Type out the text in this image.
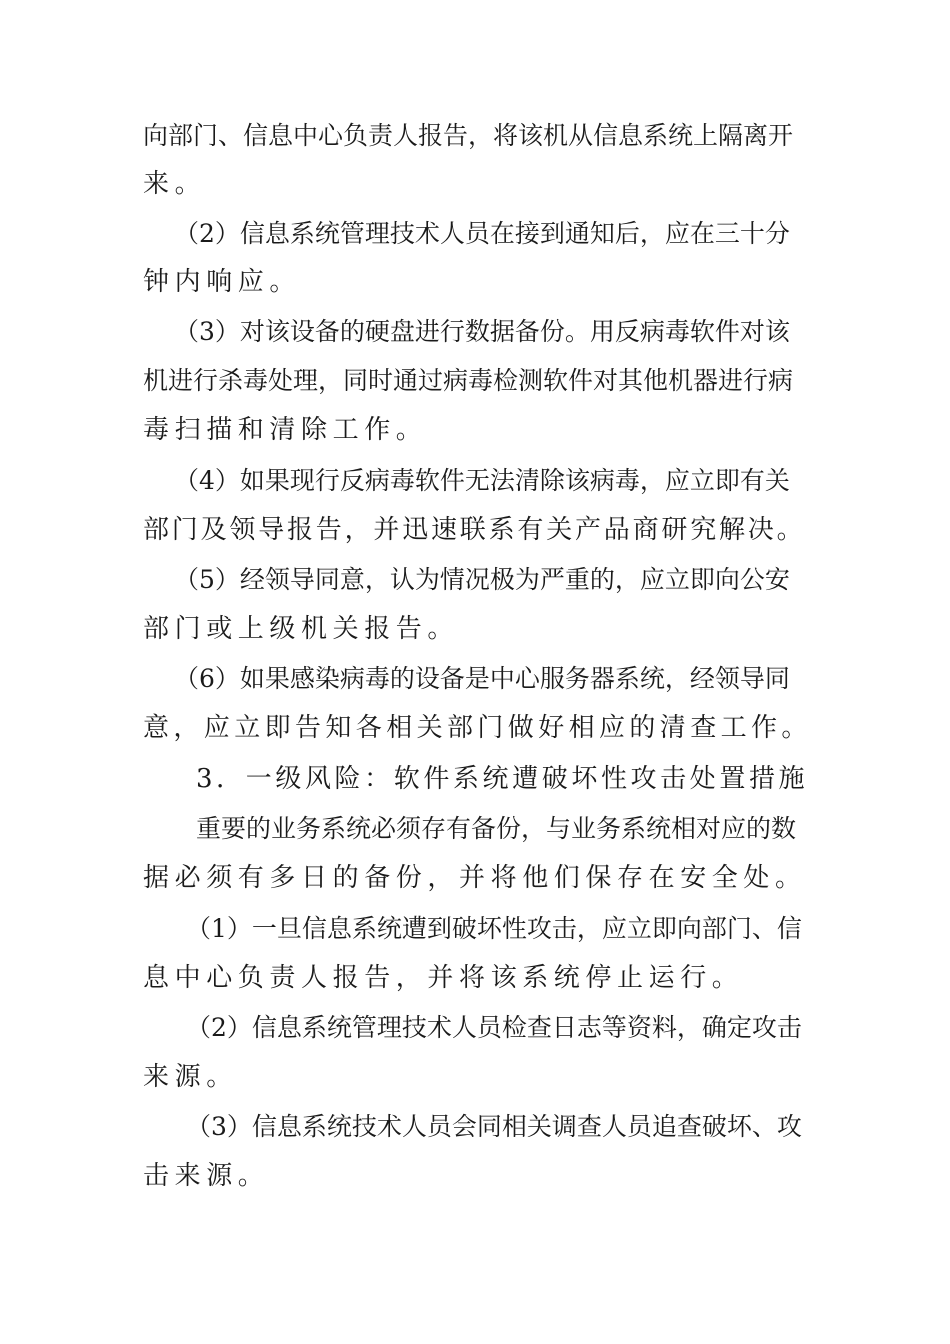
向部门、信息中心负责人报告，将该机从信息系统上隔离开
来。
（2）信息系统管理技术人员在接到通知后，应在三十分
钟内响应。
（3）对该设备的硬盘进行数据备份。用反病毒软件对该
机进行杀毒处理，同时通过病毒检测软件对其他机器进行病
毒扫描和清除工作。
（4）如果现行反病毒软件无法清除该病毒，应立即有关
部门及领导报告，并迅速联系有关产品商研究解决。
（5）经领导同意，认为情况极为严重的，应立即向公安
部门或上级机关报告。
（6）如果感染病毒的设备是中心服务器系统，经领导同
意，应立即告知各相关部门做好相应的清查工作。
3．一级风险：软件系统遭破坏性攻击处置措施
重要的业务系统必须存有备份，与业务系统相对应的数
据必须有多日的备份，并将他们保存在安全处。
（1）一旦信息系统遭到破坏性攻击，应立即向部门、信
息中心负责人报告，并将该系统停止运行。
（2）信息系统管理技术人员检查日志等资料，确定攻击
来源。
（3）信息系统技术人员会同相关调查人员追查破坏、攻
击来源。
